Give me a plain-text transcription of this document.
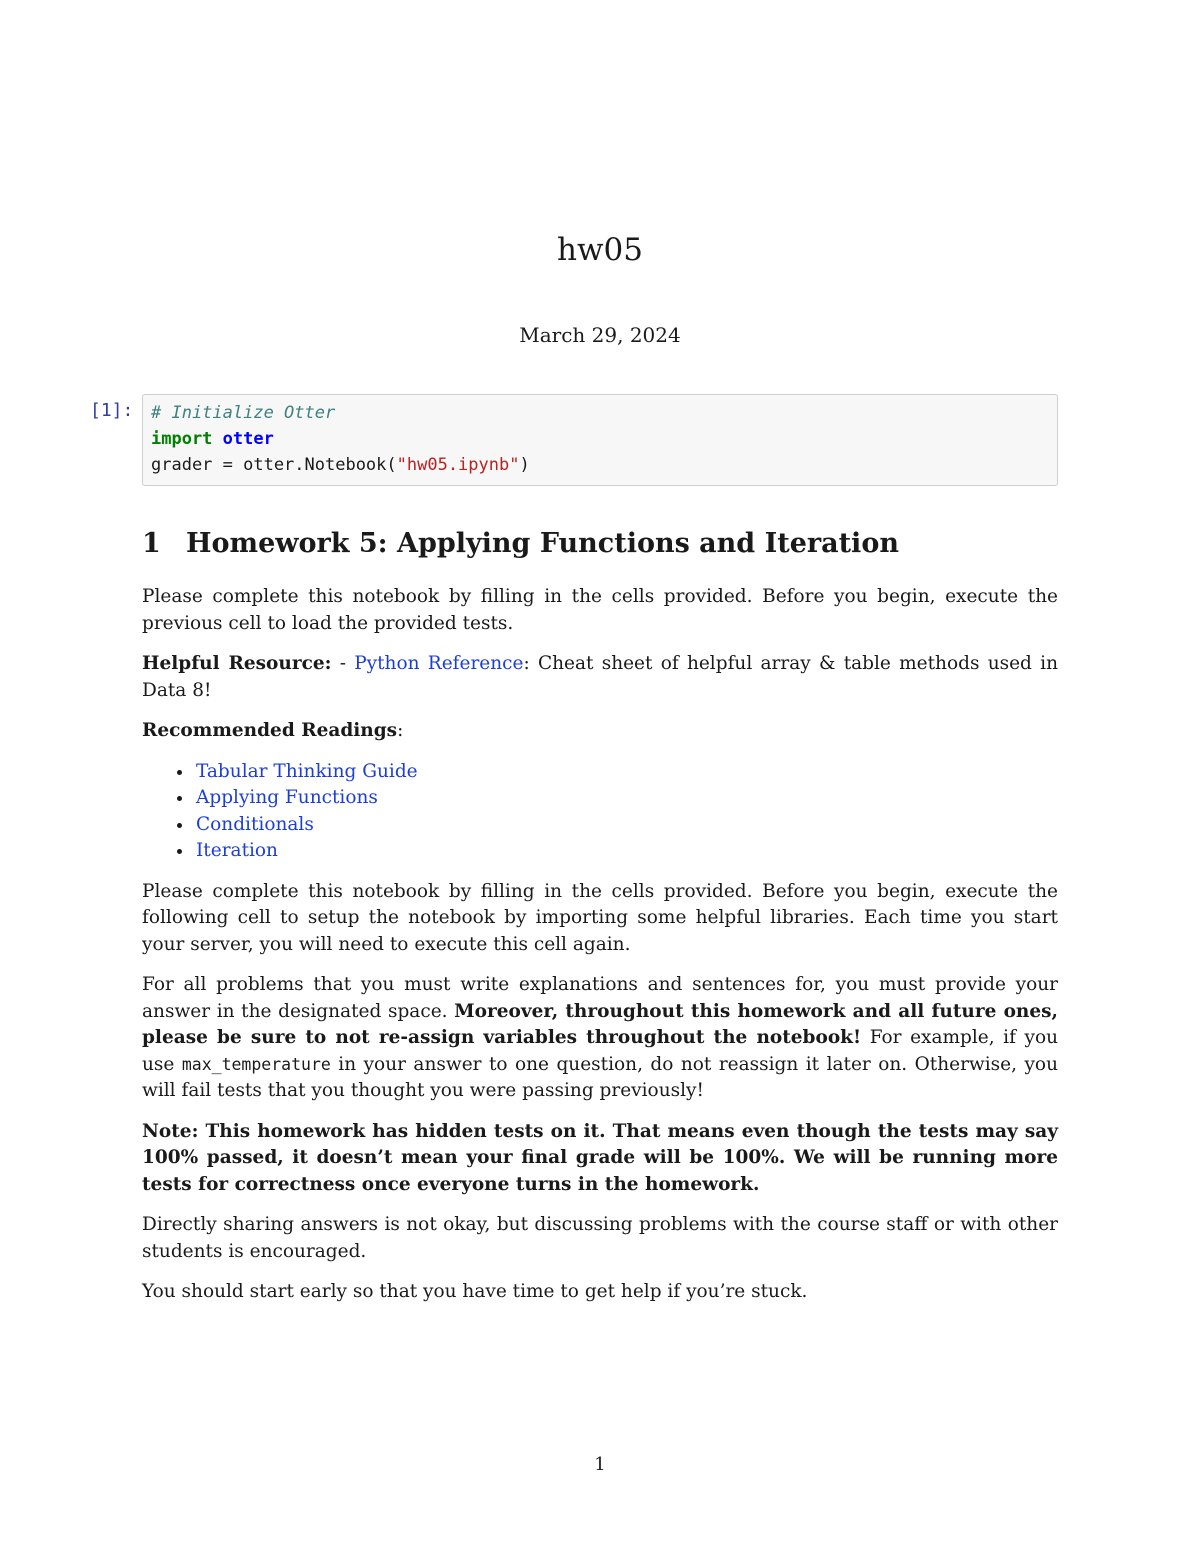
hw05
March 29, 2024
[1]: # Initialize Otter
import otter
grader = otter.Notebook("hw05.ipynb")
1 Homework 5: Applying Functions and Iteration

Please complete this notebook by filling in the cells provided. Before you begin, execute the previous cell to load the provided tests.

Helpful Resource: - Python Reference: Cheat sheet of helpful array & table methods used in Data 8!

Recommended Readings:

• Tabular Thinking Guide
• Applying Functions
• Conditionals
• Iteration

Please complete this notebook by filling in the cells provided. Before you begin, execute the following cell to setup the notebook by importing some helpful libraries. Each time you start your server, you will need to execute this cell again.

For all problems that you must write explanations and sentences for, you must provide your answer in the designated space. Moreover, throughout this homework and all future ones, please be sure to not re-assign variables throughout the notebook! For example, if you use max_temperature in your answer to one question, do not reassign it later on. Otherwise, you will fail tests that you thought you were passing previously!

Note: This homework has hidden tests on it. That means even though the tests may say 100% passed, it doesn’t mean your final grade will be 100%. We will be running more tests for correctness once everyone turns in the homework.

Directly sharing answers is not okay, but discussing problems with the course staff or with other students is encouraged.

You should start early so that you have time to get help if you’re stuck.

1
